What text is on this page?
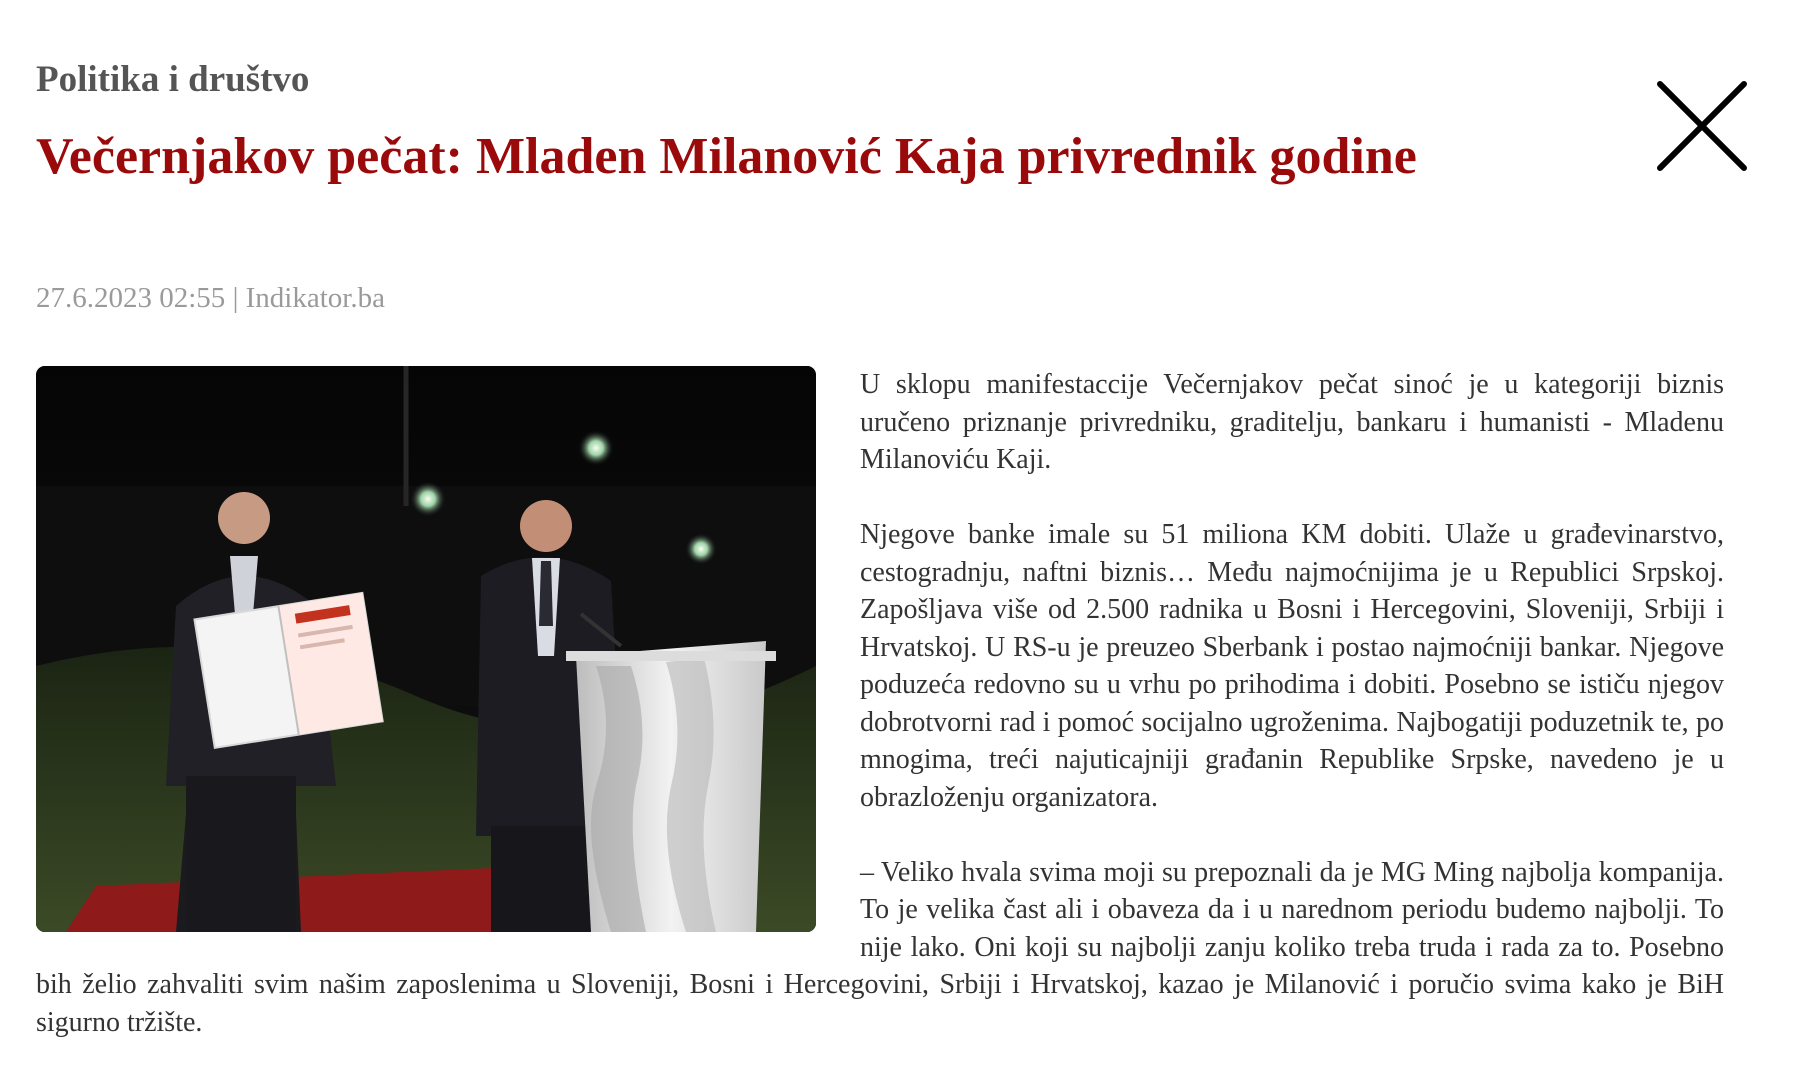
Politika i društvo
Večernjakov pečat: Mladen Milanović Kaja privrednik godine
27.6.2023 02:55 | Indikator.ba

U sklopu manifestaccije Večernjakov pečat sinoć je u kategoriji biznis uručeno priznanje privredniku, graditelju, bankaru i humanisti - Mladenu Milanoviću Kaji.

Njegove banke imale su 51 miliona KM dobiti. Ulaže u građevinarstvo, cestogradnju, naftni biznis… Među najmoćnijima je u Republici Srpskoj. Zapošljava više od 2.500 radnika u Bosni i Hercegovini, Sloveniji, Srbiji i Hrvatskoj. U RS-u je preuzeo Sberbank i postao najmoćniji bankar. Njegove poduzeća redovno su u vrhu po prihodima i dobiti. Posebno se ističu njegov dobrotvorni rad i pomoć socijalno ugroženima. Najbogatiji poduzetnik te, po mnogima, treći najuticajniji građanin Republike Srpske, navedeno je u obrazloženju organizatora.

– Veliko hvala svima moji su prepoznali da je MG Ming najbolja kompanija. To je velika čast ali i obaveza da i u narednom periodu budemo najbolji. To nije lako. Oni koji su najbolji zanju koliko treba truda i rada za to. Posebno bih želio zahvaliti svim našim zaposlenima u Sloveniji, Bosni i Hercegovini, Srbiji i Hrvatskoj, kazao je Milanović i poručio svima kako je BiH sigurno tržište.
